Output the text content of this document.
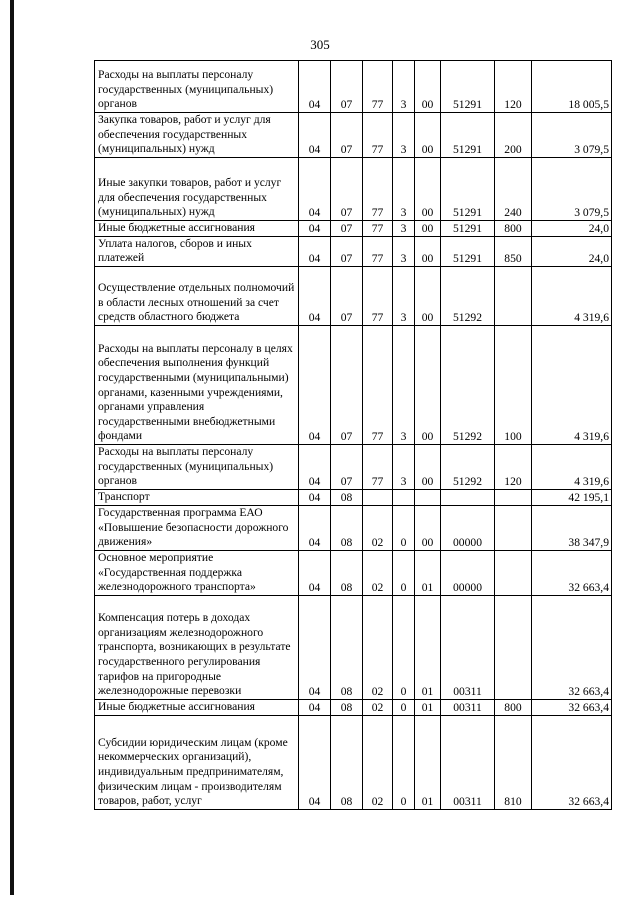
305
Расходы на выплаты персоналу государственных (муниципальных) органов	04	07	77	3	00	51291	120	18 005,5
Закупка товаров, работ и услуг для обеспечения государственных (муниципальных) нужд	04	07	77	3	00	51291	200	3 079,5
Иные закупки товаров, работ и услуг для обеспечения государственных (муниципальных) нужд	04	07	77	3	00	51291	240	3 079,5
Иные бюджетные ассигнования	04	07	77	3	00	51291	800	24,0
Уплата налогов, сборов и иных платежей	04	07	77	3	00	51291	850	24,0
Осуществление отдельных полномочий в области лесных отношений за счет средств областного бюджета	04	07	77	3	00	51292		4 319,6
Расходы на выплаты персоналу в целях обеспечения выполнения функций государственными (муниципальными) органами, казенными учреждениями, органами управления государственными внебюджетными фондами	04	07	77	3	00	51292	100	4 319,6
Расходы на выплаты персоналу государственных (муниципальных) органов	04	07	77	3	00	51292	120	4 319,6
Транспорт	04	08						42 195,1
Государственная программа ЕАО «Повышение безопасности дорожного движения»	04	08	02	0	00	00000		38 347,9
Основное мероприятие «Государственная поддержка железнодорожного транспорта»	04	08	02	0	01	00000		32 663,4
Компенсация потерь в доходах организациям железнодорожного транспорта, возникающих в результате государственного регулирования тарифов на пригородные железнодорожные перевозки	04	08	02	0	01	00311		32 663,4
Иные бюджетные ассигнования	04	08	02	0	01	00311	800	32 663,4
Субсидии юридическим лицам (кроме некоммерческих организаций), индивидуальным предпринимателям, физическим лицам - производителям товаров, работ, услуг	04	08	02	0	01	00311	810	32 663,4
